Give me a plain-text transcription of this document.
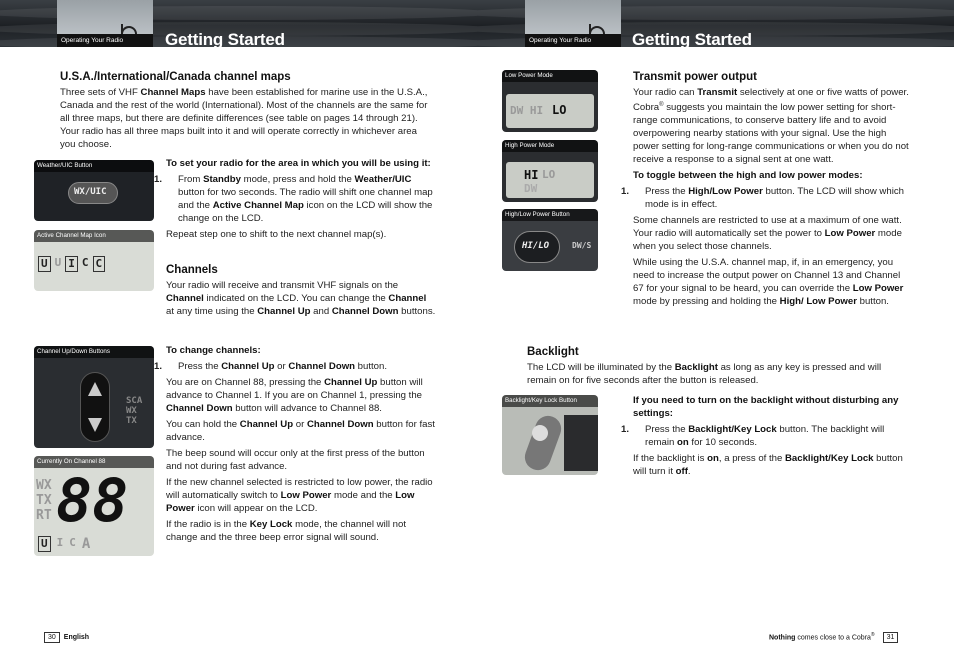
Operating Your Radio	Getting Started
U.S.A./International/Canada channel maps

Three sets of VHF Channel Maps have been established for marine use in the U.S.A., Canada and the rest of the world (International). Most of the channels are the same for all three maps, but there are definite differences (see table on pages 14 through 21). Your radio has all three maps built into it and will operate correctly in whichever area you choose.

Weather/UIC Button
WX/UIC
Active Channel Map Icon
U U I C C

To set your radio for the area in which you will be using it:

1. From Standby mode, press and hold the Weather/UIC button for two seconds. The radio will shift one channel map and the Active Channel Map icon on the LCD will show the change on the LCD.

Repeat step one to shift to the next channel map(s).

Channels

Your radio will receive and transmit VHF signals on the Channel indicated on the LCD. You can change the Channel at any time using the Channel Up and Channel Down buttons.

Channel Up/Down Buttons
SCA
WX
TX
Currently On Channel 88
WX
TX
RT 88
U I C A

To change channels:

1. Press the Channel Up or Channel Down button.

You are on Channel 88, pressing the Channel Up button will advance to Channel 1. If you are on Channel 1, pressing the Channel Down button will advance to Channel 88.

You can hold the Channel Up or Channel Down button for fast advance.

The beep sound will occur only at the first press of the button and not during fast advance.

If the new channel selected is restricted to low power, the radio will automatically switch to Low Power mode and the Low Power icon will appear on the LCD.

If the radio is in the Key Lock mode, the channel will not change and the three beep error signal will sound.

30 English
Operating Your Radio	Getting Started
Low Power Mode
DW HI LO
High Power Mode
HI LO
DW
High/Low Power Button
HI/LO	DW/S
Transmit power output

Your radio can Transmit selectively at one or five watts of power. Cobra® suggests you maintain the low power setting for short-range communications, to conserve battery life and to avoid overpowering nearby stations with your signal. Use the high power setting for long-range communications or when you do not receive a response to a signal sent at one watt.

To toggle between the high and low power modes:

1. Press the High/Low Power button. The LCD will show which mode is in effect.

Some channels are restricted to use at a maximum of one watt. Your radio will automatically set the power to Low Power mode when you select those channels.

While using the U.S.A. channel map, if, in an emergency, you need to increase the output power on Channel 13 and Channel 67 for your signal to be heard, you can override the Low Power mode by pressing and holding the High/ Low Power button.

Backlight

The LCD will be illuminated by the Backlight as long as any key is pressed and will remain on for five seconds after the button is released.

Backlight/Key Lock Button	If you need to turn on the backlight without disturbing any settings:

1. Press the Backlight/Key Lock button. The backlight will remain on for 10 seconds.

If the backlight is on, a press of the Backlight/Key Lock button will turn it off.

Nothing comes close to a Cobra® 31
